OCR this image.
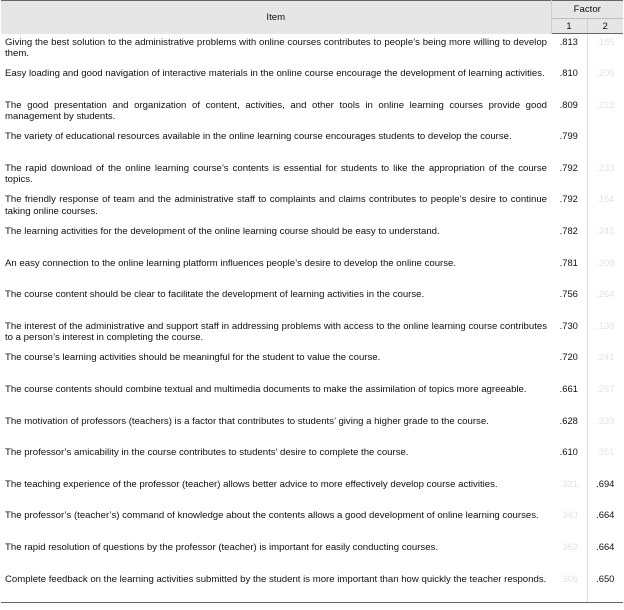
Item	Factor	
	1	2
Giving the best solution to the administrative problems with online courses contributes to people’s being more willing to develop them.	.813	.185
Easy loading and good navigation of interactive materials in the online course encourage the development of learning activities.	.810	.206
The good presentation and organization of content, activities, and other tools in online learning courses provide good management by students.	.809	.213
The variety of educational resources available in the online learning course encourages students to develop the course.	.799	
The rapid download of the online learning course’s contents is essential for students to like the appropriation of the course topics.	.792	.233
The friendly response of team and the administrative staff to complaints and claims contributes to people’s desire to continue taking online courses.	.792	.164
The learning activities for the development of the online learning course should be easy to understand.	.782	.241
An easy connection to the online learning platform influences people’s desire to develop the online course.	.781	.208
The course content should be clear to facilitate the development of learning activities in the course.	.756	.264
The interest of the administrative and support staff in addressing problems with access to the online learning course contributes to a person’s interest in completing the course.	.730	.138
The course’s learning activities should be meaningful for the student to value the course.	.720	.241
The course contents should combine textual and multimedia documents to make the assimilation of topics more agreeable.	.661	.267
The motivation of professors (teachers) is a factor that contributes to students’ giving a higher grade to the course.	.628	.339
The professor’s amicability in the course contributes to students’ desire to complete the course.	.610	.351
The teaching experience of the professor (teacher) allows better advice to more effectively develop course activities.	.321	.694
The professor’s (teacher’s) command of knowledge about the contents allows a good development of online learning courses.	.343	.664
The rapid resolution of questions by the professor (teacher) is important for easily conducting courses.	.352	.664
Complete feedback on the learning activities submitted by the student is more important than how quickly the teacher responds.	.306	.650
